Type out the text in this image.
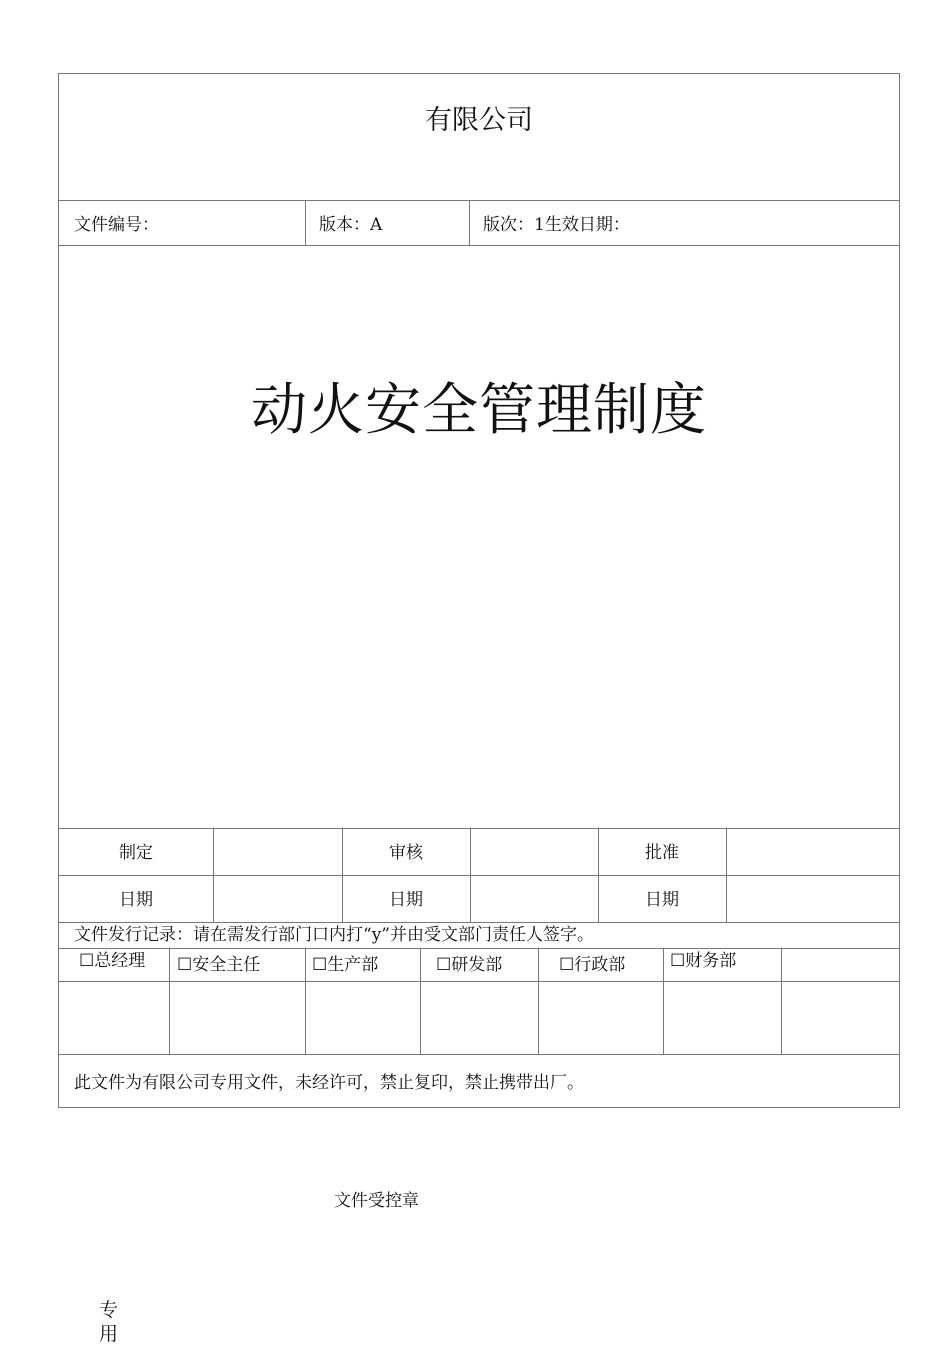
有限公司
文件编号：	版本：A	版次：1生效日期：
动火安全管理制度
制定	审核	批准
日期	日期	日期
文件发行记录：请在需发行部门口内打“y”并由受文部门责任人签字。
☐总经理 ☐安全主任	☐生产部	☐研发部	☐行政部	☐财务部
此文件为有限公司专用文件，未经许可，禁止复印，禁止携带出厂。
文件受控章
专用
